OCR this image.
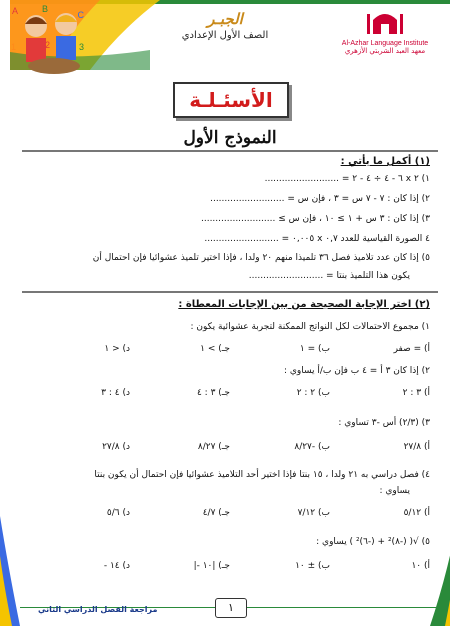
A	B
C
1	2	3
الجبـر
الصف الأول الإعدادي
Al-Azhar Language Institute
معهد العبد الشربتي الأزهري
الأسئـلـة
النموذج الأول
(١) أكمل ما يأتي :
١) ٢ x ٦ - ٤ ÷ ٤ - ٢ = ..........................
٢) إذا كان : ٧ - ٧ س = ٣ ، فإن س = ..........................
٣) إذا كان : ٣ س + ١ ≥ ١٠ ، فإن س ≥ ..........................
٤ الصورة القياسية للعدد ٠,٧ x ٠,٠٠٥ = ..........................
٥) إذا كان عدد تلاميذ فصل ٣٦ تلميذا منهم ٢٠ ولدا ، فإذا اختير تلميذ عشوائيا فإن احتمال أن
يكون هذا التلميذ بنتا = ..........................
(٢) اختر الإجابة الصحيحة من بين الإجابات المعطاة :
١) مجموع الاحتمالات لكل النواتج الممكنة لتجربة عشوائية يكون :
أ) = صفر
ب) = ١
جـ) > ١
د) < ١
٢) إذا كان ٣ أ = ٤ ب فإن ب/أ يساوي :
أ) ٣ : ٢
ب) ٢ : ٢
جـ) ٣ : ٤
د) ٤ : ٣
٣) (٢/٣) أس -٣ تساوي :
أ) ٢٧/٨
ب) -٨/٢٧
جـ) ٨/٢٧
د) ٢٧/٨
٤) فصل دراسي به ٢١ ولدا ، ١٥ بنتا فإذا اختير أحد التلاميذ عشوائيا فإن احتمال أن يكون بنتا
يساوي :
أ) ٥/١٢
ب) ٧/١٢
جـ) ٤/٧
د) ٥/٦
٥) √( (-٨)² + (-٦)² ) يساوي :
أ) ١٠
ب) ± ١٠
جـ) |١٠ -|
د) ١٤ -
١
مراجعة الفصل الدراسي الثاني
